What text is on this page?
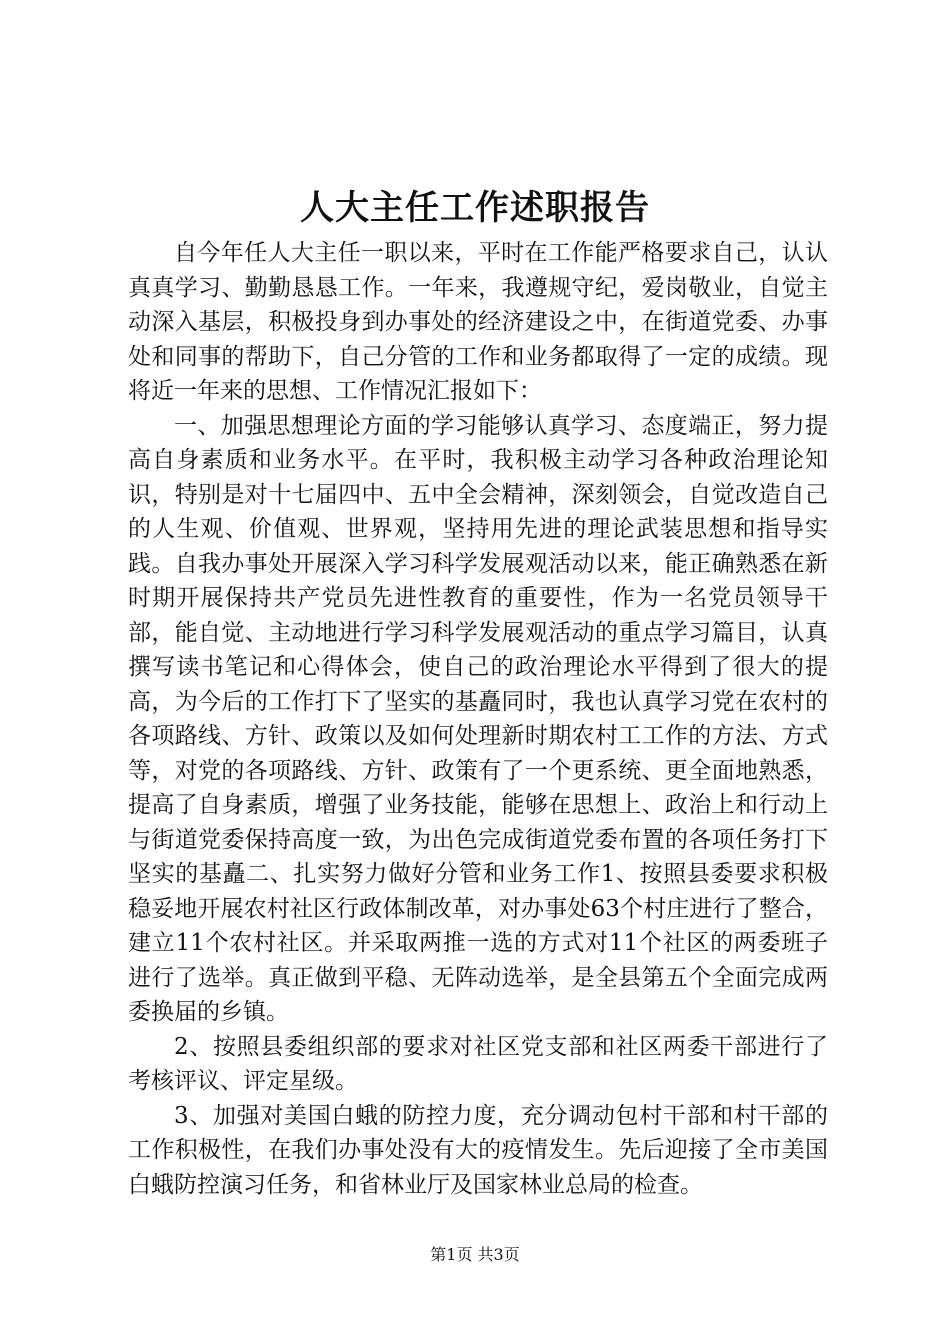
人大主任工作述职报告

自今年任人大主任一职以来，平时在工作能严格要求自己，认认真真学习、勤勤恳恳工作。一年来，我遵规守纪，爱岗敬业，自觉主动深入基层，积极投身到办事处的经济建设之中，在街道党委、办事处和同事的帮助下，自己分管的工作和业务都取得了一定的成绩。现将近一年来的思想、工作情况汇报如下：

一、加强思想理论方面的学习能够认真学习、态度端正，努力提高自身素质和业务水平。在平时，我积极主动学习各种政治理论知识，特别是对十七届四中、五中全会精神，深刻领会，自觉改造自己的人生观、价值观、世界观，坚持用先进的理论武装思想和指导实践。自我办事处开展深入学习科学发展观活动以来，能正确熟悉在新时期开展保持共产党员先进性教育的重要性，作为一名党员领导干部，能自觉、主动地进行学习科学发展观活动的重点学习篇目，认真撰写读书笔记和心得体会，使自己的政治理论水平得到了很大的提高，为今后的工作打下了坚实的基矗同时，我也认真学习党在农村的各项路线、方针、政策以及如何处理新时期农村工工作的方法、方式等，对党的各项路线、方针、政策有了一个更系统、更全面地熟悉，提高了自身素质，增强了业务技能，能够在思想上、政治上和行动上与街道党委保持高度一致，为出色完成街道党委布置的各项任务打下坚实的基矗二、扎实努力做好分管和业务工作1、按照县委要求积极稳妥地开展农村社区行政体制改革，对办事处63个村庄进行了整合，建立11个农村社区。并采取两推一选的方式对11个社区的两委班子进行了选举。真正做到平稳、无阵动选举，是全县第五个全面完成两委换届的乡镇。

2、按照县委组织部的要求对社区党支部和社区两委干部进行了考核评议、评定星级。

3、加强对美国白蛾的防控力度，充分调动包村干部和村干部的工作积极性，在我们办事处没有大的疫情发生。先后迎接了全市美国白蛾防控演习任务，和省林业厅及国家林业总局的检查。

第1页 共3页
